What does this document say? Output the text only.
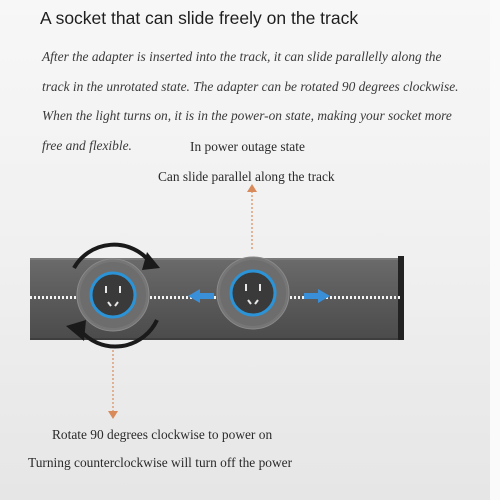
A socket that can slide freely on the track
After the adapter is inserted into the track, it can slide parallelly along the
track in the unrotated state. The adapter can be rotated 90 degrees clockwise.
When the light turns on, it is in the power-on state, making your socket more
free and flexible.	In power outage state
Can slide parallel along the track
Rotate 90 degrees clockwise to power on
Turning counterclockwise will turn off the power
